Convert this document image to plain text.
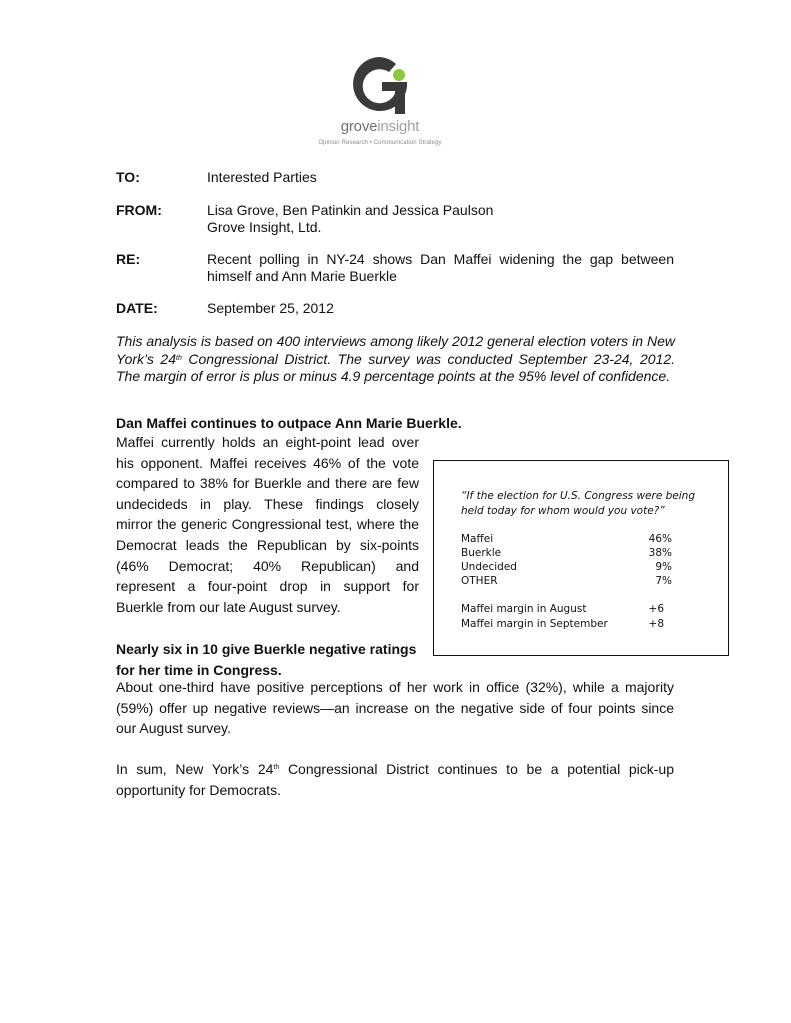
groveinsight
Opinion Research • Communication Strategy
TO:	Interested Parties
FROM:	Lisa Grove, Ben Patinkin and Jessica Paulson
Grove Insight, Ltd.
RE:	Recent polling in NY-24 shows Dan Maffei widening the gap between
himself and Ann Marie Buerkle
DATE:	September 25, 2012
This analysis is based on 400 interviews among likely 2012 general election voters in New York’s 24th Congressional District. The survey was conducted September 23-24, 2012. The margin of error is plus or minus 4.9 percentage points at the 95% level of confidence.
Dan Maffei continues to outpace Ann Marie Buerkle.
Maffei currently holds an eight-point lead over
his opponent. Maffei receives 46% of the vote
compared to 38% for Buerkle and there are few
undecideds in play. These findings closely
mirror the generic Congressional test, where the
Democrat leads the Republican by six-points
(46% Democrat; 40% Republican) and
represent a four-point drop in support for
Buerkle from our late August survey.
“If the election for U.S. Congress were being held today for whom would you vote?”
Maffei	46%
Buerkle	38%
Undecided	9%
OTHER	7%
Maffei margin in August	+6
Maffei margin in September	+8
Nearly six in 10 give Buerkle negative ratings
for her time in Congress.
About one-third have positive perceptions of her work in office (32%), while a majority
(59%) offer up negative reviews—an increase on the negative side of four points since
our August survey.
In sum, New York’s 24th Congressional District continues to be a potential pick-up
opportunity for Democrats.
